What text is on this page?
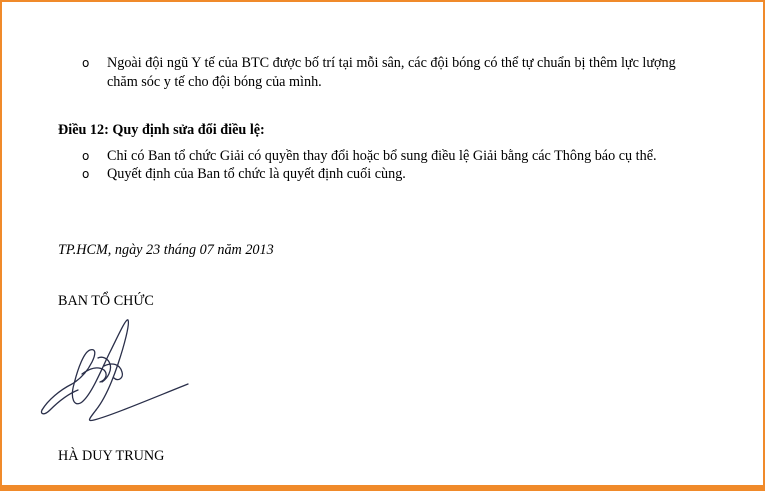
o Ngoài đội ngũ Y tế của BTC được bố trí tại mỗi sân, các đội bóng có thể tự chuẩn bị thêm lực lượng
chăm sóc y tế cho đội bóng của mình.
Điều 12: Quy định sửa đổi điều lệ:
o Chỉ có Ban tổ chức Giải có quyền thay đổi hoặc bổ sung điều lệ Giải bằng các Thông báo cụ thể.
o Quyết định của Ban tổ chức là quyết định cuối cùng.
TP.HCM, ngày 23 tháng 07 năm 2013
BAN TỔ CHỨC
HÀ DUY TRUNG
